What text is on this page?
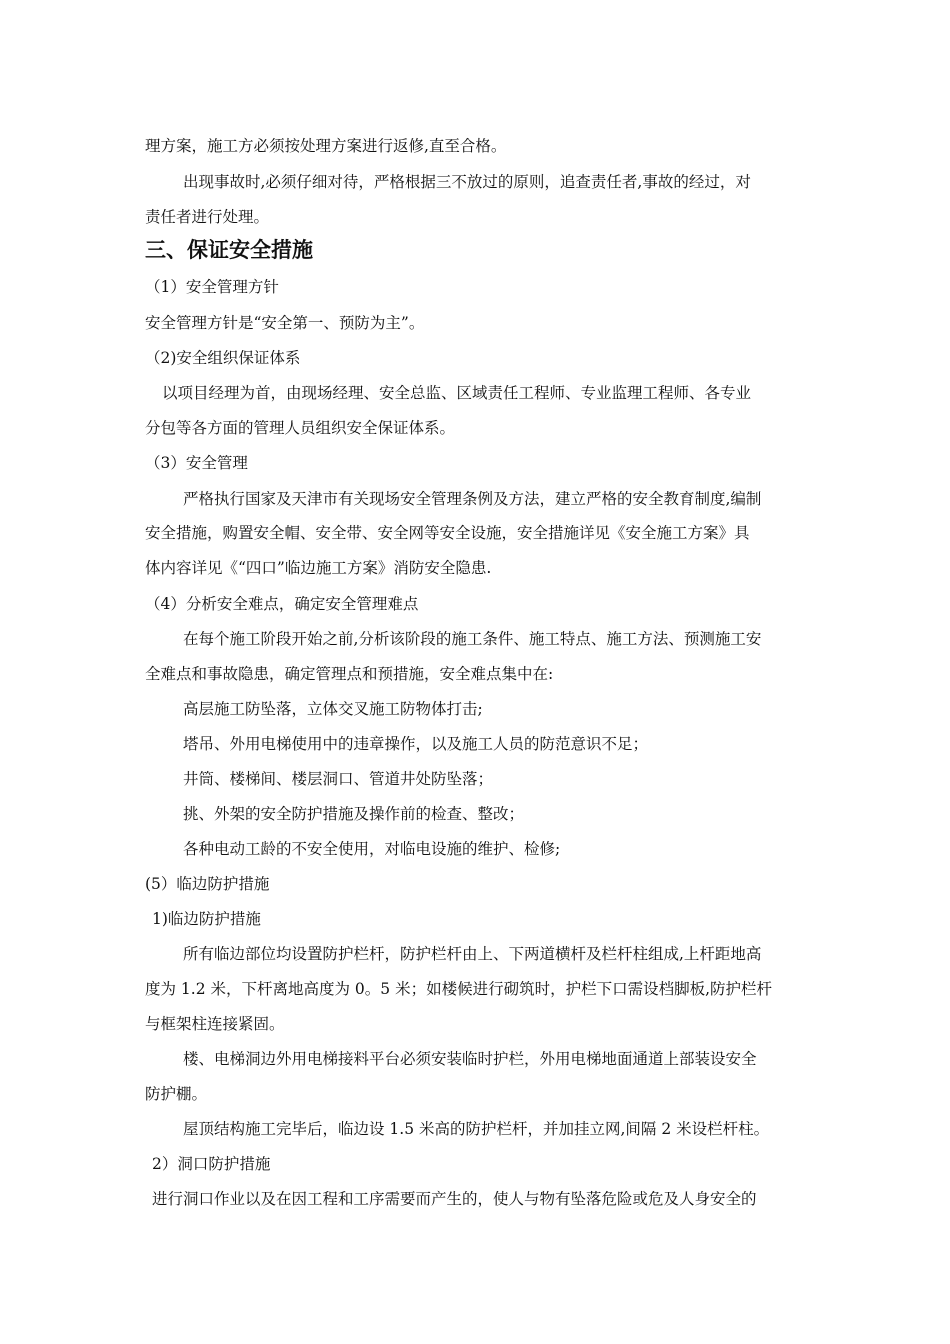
理方案，施工方必须按处理方案进行返修,直至合格。
出现事故时,必须仔细对待，严格根据三不放过的原则，追查责任者,事故的经过，对
责任者进行处理。
三、保证安全措施
（1）安全管理方针
安全管理方针是“安全第一、预防为主”。
（2)安全组织保证体系
以项目经理为首，由现场经理、安全总监、区域责任工程师、专业监理工程师、各专业
分包等各方面的管理人员组织安全保证体系。
（3）安全管理
严格执行国家及天津市有关现场安全管理条例及方法，建立严格的安全教育制度,编制
安全措施，购置安全帽、安全带、安全网等安全设施，安全措施详见《安全施工方案》具
体内容详见《“四口”临边施工方案》消防安全隐患.
（4）分析安全难点，确定安全管理难点
在每个施工阶段开始之前,分析该阶段的施工条件、施工特点、施工方法、预测施工安
全难点和事故隐患，确定管理点和预措施，安全难点集中在:
高层施工防坠落，立体交叉施工防物体打击;
塔吊、外用电梯使用中的违章操作，以及施工人员的防范意识不足；
井筒、楼梯间、楼层洞口、管道井处防坠落；
挑、外架的安全防护措施及操作前的检查、整改；
各种电动工龄的不安全使用，对临电设施的维护、检修;
(5）临边防护措施
1)临边防护措施
所有临边部位均设置防护栏杆，防护栏杆由上、下两道横杆及栏杆柱组成,上杆距地高
度为 1.2 米，下杆离地高度为 0。5 米；如楼候进行砌筑时，护栏下口需设档脚板,防护栏杆
与框架柱连接紧固。
楼、电梯洞边外用电梯接料平台必须安装临时护栏，外用电梯地面通道上部装设安全
防护棚。
屋顶结构施工完毕后，临边设 1.5 米高的防护栏杆，并加挂立网,间隔 2 米设栏杆柱。
2）洞口防护措施
进行洞口作业以及在因工程和工序需要而产生的，使人与物有坠落危险或危及人身安全的
